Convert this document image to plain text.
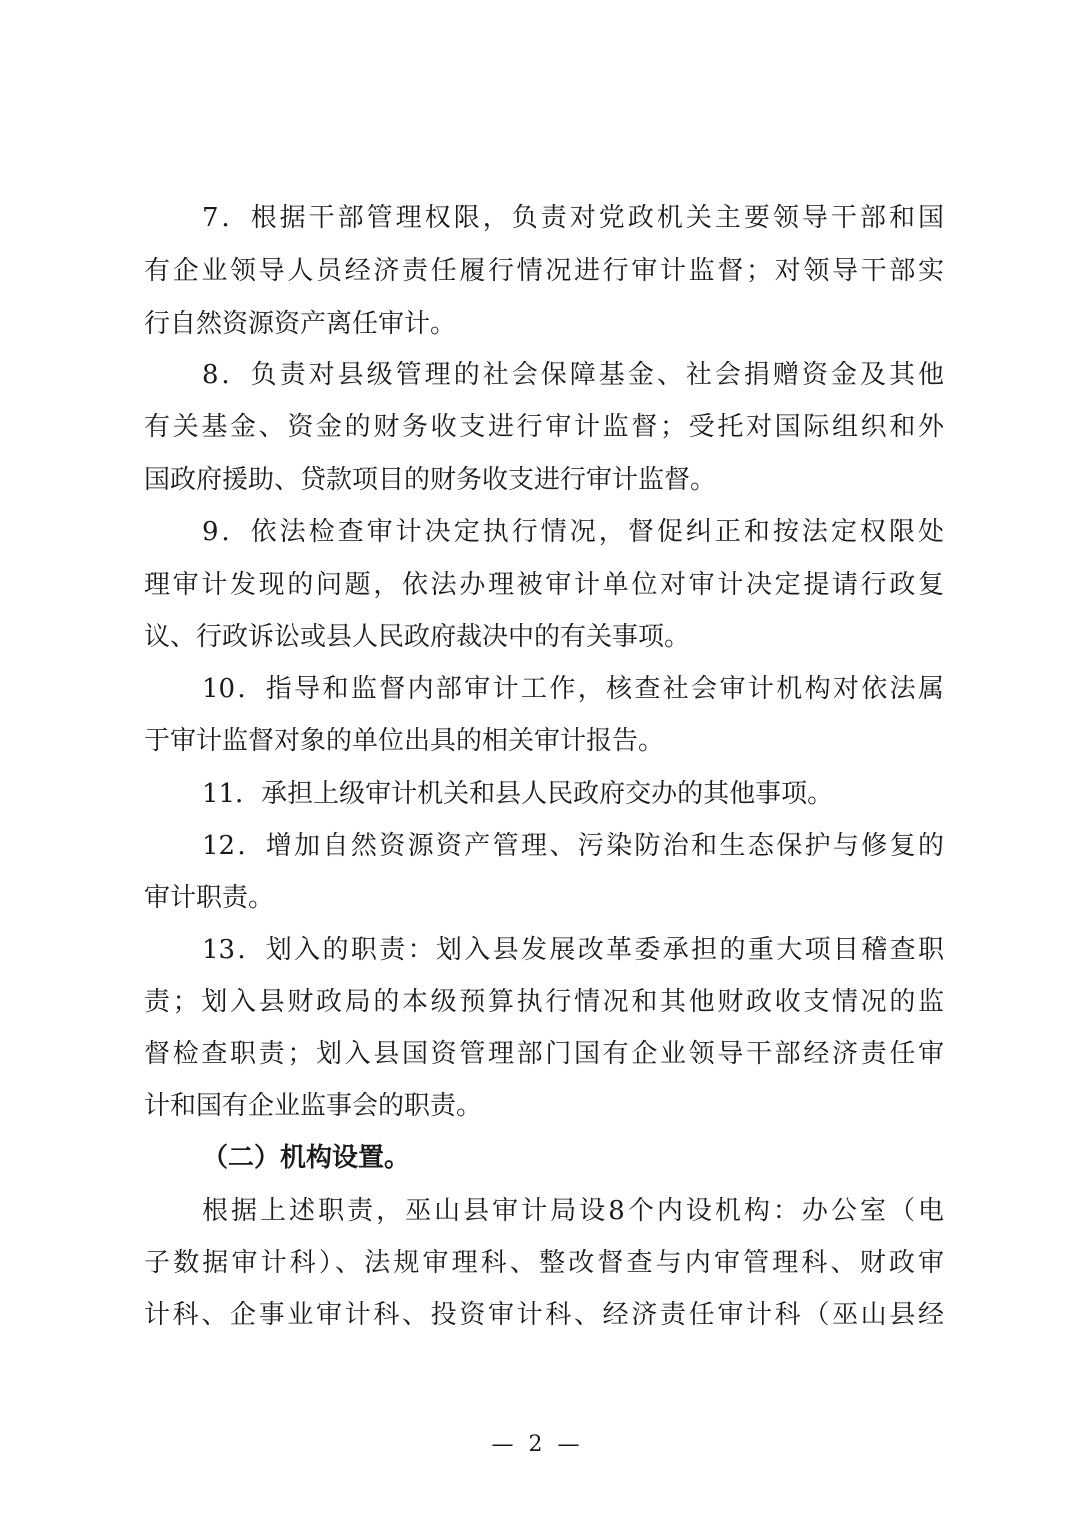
7．根据干部管理权限，负责对党政机关主要领导干部和国
有企业领导人员经济责任履行情况进行审计监督；对领导干部实
行自然资源资产离任审计。
8．负责对县级管理的社会保障基金、社会捐赠资金及其他
有关基金、资金的财务收支进行审计监督；受托对国际组织和外
国政府援助、贷款项目的财务收支进行审计监督。
9．依法检查审计决定执行情况，督促纠正和按法定权限处
理审计发现的问题，依法办理被审计单位对审计决定提请行政复
议、行政诉讼或县人民政府裁决中的有关事项。
10．指导和监督内部审计工作，核查社会审计机构对依法属
于审计监督对象的单位出具的相关审计报告。
11．承担上级审计机关和县人民政府交办的其他事项。
12．增加自然资源资产管理、污染防治和生态保护与修复的
审计职责。
13．划入的职责：划入县发展改革委承担的重大项目稽查职
责；划入县财政局的本级预算执行情况和其他财政收支情况的监
督检查职责；划入县国资管理部门国有企业领导干部经济责任审
计和国有企业监事会的职责。
（二）机构设置。
根据上述职责，巫山县审计局设8个内设机构：办公室（电
子数据审计科）、法规审理科、整改督查与内审管理科、财政审
计科、企事业审计科、投资审计科、经济责任审计科（巫山县经
— 2 —
